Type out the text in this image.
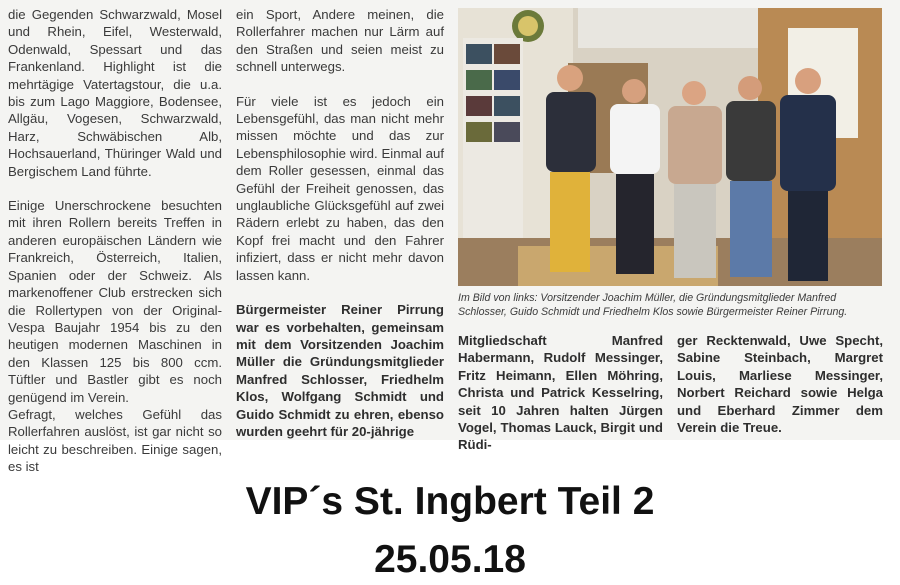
die Gegenden Schwarzwald, Mosel und Rhein, Eifel, Westerwald, Odenwald, Spessart und das Frankenland. Highlight ist die mehrtägige Vatertagstour, die u.a. bis zum Lago Maggiore, Bodensee, Allgäu, Vogesen, Schwarzwald, Harz, Schwäbischen Alb, Hochsauerland, Thüringer Wald und Bergischem Land führte.

Einige Unerschrockene besuchten mit ihren Rollern bereits Treffen in anderen europäischen Ländern wie Frankreich, Österreich, Italien, Spanien oder der Schweiz. Als markenoffener Club erstrecken sich die Rollertypen von der Original-Vespa Baujahr 1954 bis zu den heutigen modernen Maschinen in den Klassen 125 bis 800 ccm. Tüftler und Bastler gibt es noch genügend im Verein.

Gefragt, welches Gefühl das Rollerfahren auslöst, ist gar nicht so leicht zu beschreiben. Einige sagen, es ist

ein Sport, Andere meinen, die Rollerfahrer machen nur Lärm auf den Straßen und seien meist zu schnell unterwegs.

Für viele ist es jedoch ein Lebensgefühl, das man nicht mehr missen möchte und das zur Lebensphilosophie wird. Einmal auf dem Roller gesessen, einmal das Gefühl der Freiheit genossen, das unglaubliche Glücksgefühl auf zwei Rädern erlebt zu haben, das den Kopf frei macht und den Fahrer infiziert, dass er nicht mehr davon lassen kann.

Bürgermeister Reiner Pirrung war es vorbehalten, gemeinsam mit dem Vorsitzenden Joachim Müller die Gründungsmitglieder Manfred Schlosser, Friedhelm Klos, Wolfgang Schmidt und Guido Schmidt zu ehren, ebenso wurden geehrt für 20-jährige

Im Bild von links: Vorsitzender Joachim Müller, die Gründungsmitglieder Manfred Schlosser, Guido Schmidt und Friedhelm Klos sowie Bürgermeister Reiner Pirrung.

Mitgliedschaft Manfred Habermann, Rudolf Messinger, Fritz Heimann, Ellen Möhring, Christa und Patrick Kesselring, seit 10 Jahren halten Jürgen Vogel, Thomas Lauck, Birgit und Rüdi-

ger Recktenwald, Uwe Specht, Sabine Steinbach, Margret Louis, Marliese Messinger, Norbert Reichard sowie Helga und Eberhard Zimmer dem Verein die Treue.

VIP´s St. Ingbert Teil 2
25.05.18
